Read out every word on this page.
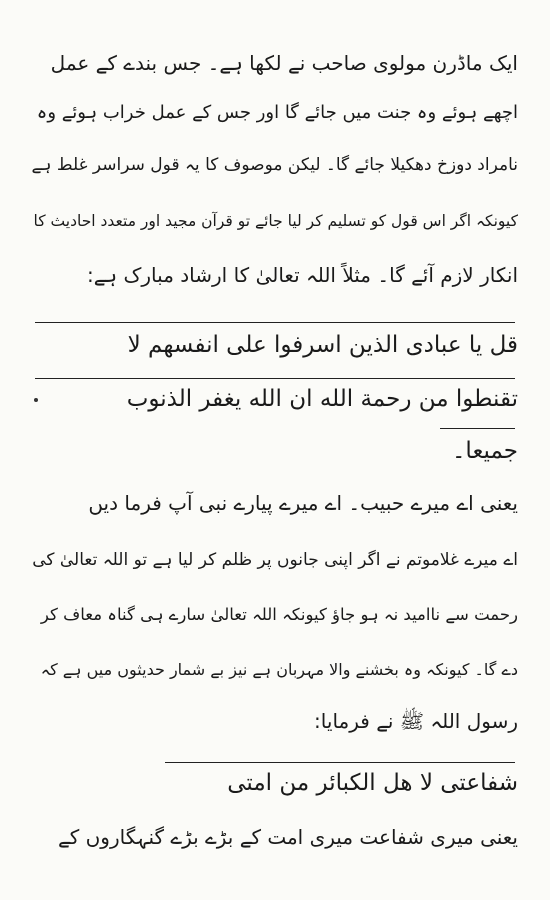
ایک ماڈرن مولوی صاحب نے لکھا ہے۔ جس بندے کے عمل
اچھے ہوئے وہ جنت میں جائے گا اور جس کے عمل خراب ہوئے وہ
نامراد دوزخ دھکیلا جائے گا۔ لیکن موصوف کا یہ قول سراسر غلط ہے
کیونکہ اگر اس قول کو تسلیم کر لیا جائے تو قرآن مجید اور متعدد احادیث کا
انکار لازم آئے گا۔ مثلاً اللہ تعالیٰ کا ارشاد مبارک ہے:
قل یا عبادی الذین اسرفوا علی انفسهم لا
تقنطوا من رحمة الله ان الله يغفر الذنوب
جمیعا۔
یعنی اے میرے حبیب۔ اے میرے پیارے نبی آپ فرما دیں
اے میرے غلاموتم نے اگر اپنی جانوں پر ظلم کر لیا ہے تو اللہ تعالیٰ کی
رحمت سے ناامید نہ ہو جاؤ کیونکہ اللہ تعالیٰ سارے ہی گناہ معاف کر
دے گا۔ کیونکہ وہ بخشنے والا مہربان ہے نیز بے شمار حدیثوں میں ہے کہ
رسول اللہ ﷺ نے فرمایا:
شفاعتی لا هل الکبائر من امتی
یعنی میری شفاعت میری امت کے بڑے بڑے گنہگاروں کے
